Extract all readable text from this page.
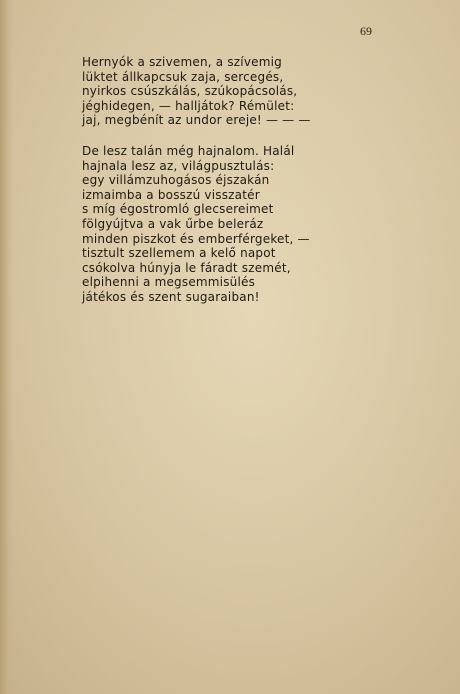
69
Hernyók a szivemen, a szívemig
lüktet állkapcsuk zaja, sercegés,
nyirkos csúszkálás, szúkopácsolás,
jéghidegen, — halljátok? Rémület:
jaj, megbénít az undor ereje! — — —
De lesz talán még hajnalom. Halál
hajnala lesz az, világpusztulás:
egy villámzuhogásos éjszakán
izmaimba a bosszú visszatér
s míg égostromló glecsereimet
fölgyújtva a vak űrbe beleráz
minden piszkot és emberférgeket, —
tisztult szellemem a kelő napot
csókolva húnyja le fáradt szemét,
elpihenni a megsemmisülés
játékos és szent sugaraiban!
